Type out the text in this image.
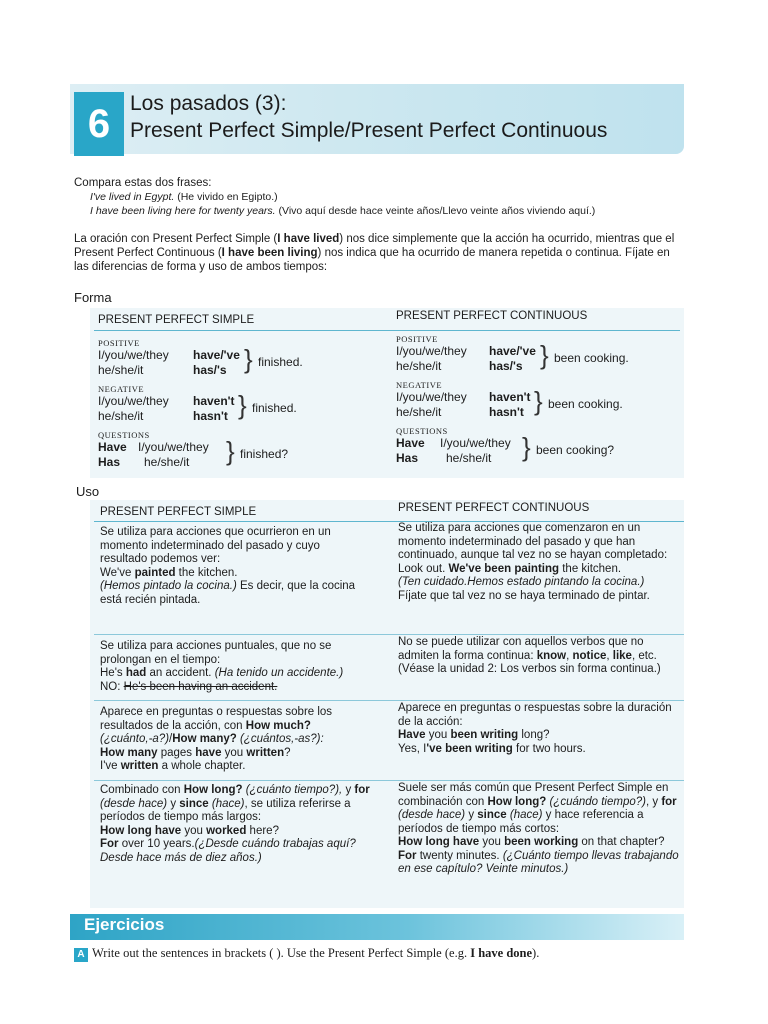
6 Los pasados (3):
Present Perfect Simple/Present Perfect Continuous

Compara estas dos frases:

I've lived in Egypt. (He vivido en Egipto.)

I have been living here for twenty years. (Vivo aquí desde hace veinte años/Llevo veinte años viviendo aquí.)

La oración con Present Perfect Simple (I have lived) nos dice simplemente que la acción ha ocurrido, mientras que el Present Perfect Continuous (I have been living) nos indica que ha ocurrido de manera repetida o continua. Fíjate en las diferencias de forma y uso de ambos tiempos:
Forma
PRESENT PERFECT SIMPLE	PRESENT PERFECT CONTINUOUS
POSITIVE
I/you/we/they
he/she/it
have/'ve
has/'s } finished.
NEGATIVE
I/you/we/they
he/she/it
haven't
hasn't } finished.
QUESTIONS
Have
Has
I/you/we/they
he/she/it } finished?
POSITIVE
I/you/we/they
he/she/it
have/'ve
has/'s } been cooking.
NEGATIVE
I/you/we/they
he/she/it
haven't
hasn't } been cooking.
QUESTIONS
Have
Has
I/you/we/they
he/she/it } been cooking?
Uso
PRESENT PERFECT SIMPLE	PRESENT PERFECT CONTINUOUS
Se utiliza para acciones que ocurrieron en un momento indeterminado del pasado y cuyo resultado podemos ver:
We've painted the kitchen.
(Hemos pintado la cocina.) Es decir, que la cocina está recién pintada.
Se utiliza para acciones que comenzaron en un momento indeterminado del pasado y que han continuado, aunque tal vez no se hayan completado:
Look out. We've been painting the kitchen.
(Ten cuidado.Hemos estado pintando la cocina.)
Fíjate que tal vez no se haya terminado de pintar.
Se utiliza para acciones puntuales, que no se prolongan en el tiempo:
He's had an accident. (Ha tenido un accidente.)
NO: He's been having an accident.
No se puede utilizar con aquellos verbos que no admiten la forma continua: know, notice, like, etc.
(Véase la unidad 2: Los verbos sin forma continua.)
Aparece en preguntas o respuestas sobre los resultados de la acción, con How much?
(¿cuánto,-a?)/How many? (¿cuántos,-as?):
How many pages have you written?
I've written a whole chapter.
Aparece en preguntas o respuestas sobre la duración de la acción:
Have you been writing long?
Yes, I've been writing for two hours.
Combinado con How long? (¿cuánto tiempo?), y for (desde hace) y since (hace), se utiliza referirse a períodos de tiempo más largos:
How long have you worked here?
For over 10 years.(¿Desde cuándo trabajas aquí? Desde hace más de diez años.)
Suele ser más común que Present Perfect Simple en combinación con How long? (¿cuándo tiempo?), y for (desde hace) y since (hace) y hace referencia a períodos de tiempo más cortos:
How long have you been working on that chapter? For twenty minutes. (¿Cuánto tiempo llevas trabajando en ese capítulo? Veinte minutos.)
Ejercicios
A Write out the sentences in brackets ( ). Use the Present Perfect Simple (e.g. I have done).
